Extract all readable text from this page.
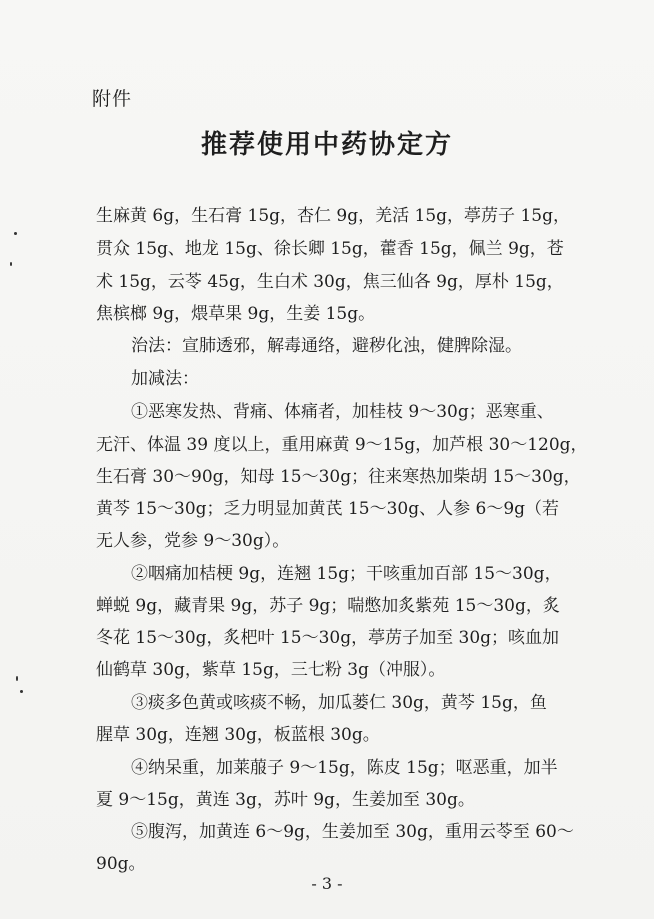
附件
推荐使用中药协定方
生麻黄 6g，生石膏 15g，杏仁 9g，羌活 15g，葶苈子 15g，
贯众 15g、地龙 15g、徐长卿 15g，藿香 15g，佩兰 9g，苍
术 15g，云苓 45g，生白术 30g，焦三仙各 9g，厚朴 15g，
焦槟榔 9g，煨草果 9g，生姜 15g。
治法：宣肺透邪，解毒通络，避秽化浊，健脾除湿。
加减法：
①恶寒发热、背痛、体痛者，加桂枝 9～30g；恶寒重、
无汗、体温 39 度以上，重用麻黄 9～15g，加芦根 30～120g，
生石膏 30～90g，知母 15～30g；往来寒热加柴胡 15～30g，
黄芩 15～30g；乏力明显加黄芪 15～30g、人参 6～9g（若
无人参，党参 9～30g）。
②咽痛加桔梗 9g，连翘 15g；干咳重加百部 15～30g，
蝉蜕 9g，藏青果 9g，苏子 9g；喘憋加炙紫苑 15～30g，炙
冬花 15～30g，炙杷叶 15～30g，葶苈子加至 30g；咳血加
仙鹤草 30g，紫草 15g，三七粉 3g（冲服）。
③痰多色黄或咳痰不畅，加瓜蒌仁 30g，黄芩 15g，鱼
腥草 30g，连翘 30g，板蓝根 30g。
④纳呆重，加莱菔子 9～15g，陈皮 15g；呕恶重，加半
夏 9～15g，黄连 3g，苏叶 9g，生姜加至 30g。
⑤腹泻，加黄连 6～9g，生姜加至 30g，重用云苓至 60～
90g。
- 3 -
